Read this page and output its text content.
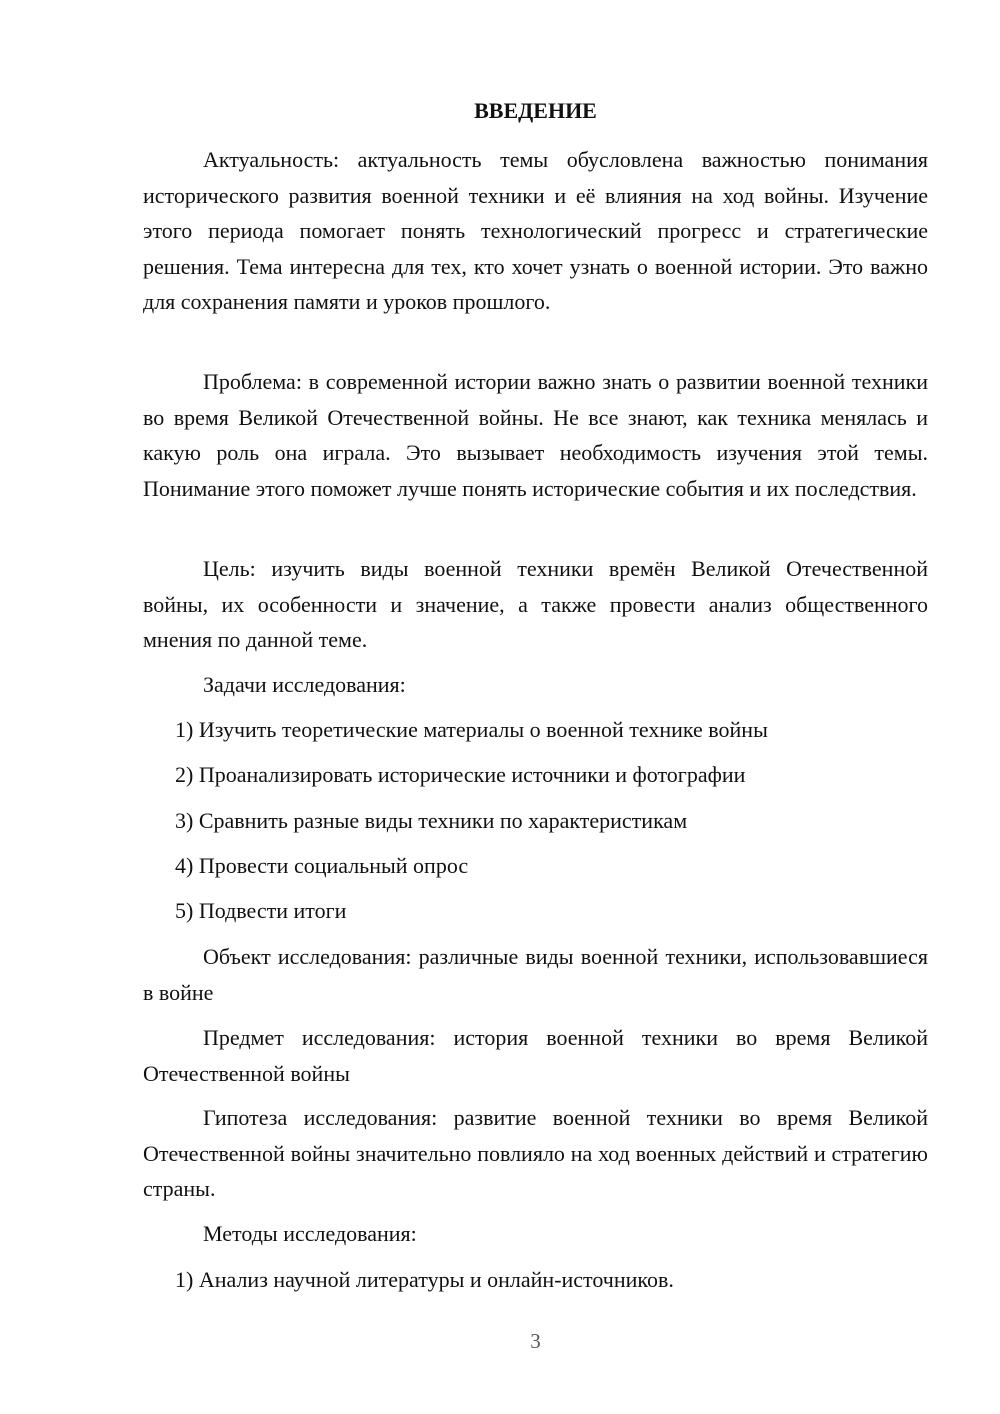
ВВЕДЕНИЕ

Актуальность: актуальность темы обусловлена важностью понимания исторического развития военной техники и её влияния на ход войны. Изучение этого периода помогает понять технологический прогресс и стратегические решения. Тема интересна для тех, кто хочет узнать о военной истории. Это важно для сохранения памяти и уроков прошлого.

Проблема: в современной истории важно знать о развитии военной техники во время Великой Отечественной войны. Не все знают, как техника менялась и какую роль она играла. Это вызывает необходимость изучения этой темы. Понимание этого поможет лучше понять исторические события и их последствия.

Цель: изучить виды военной техники времён Великой Отечественной войны, их особенности и значение, а также провести анализ общественного мнения по данной теме.

Задачи исследования:

1) Изучить теоретические материалы о военной технике войны

2) Проанализировать исторические источники и фотографии

3) Сравнить разные виды техники по характеристикам

4) Провести социальный опрос

5) Подвести итоги

Объект исследования: различные виды военной техники, использовавшиеся в войне

Предмет исследования: история военной техники во время Великой Отечественной войны

Гипотеза исследования: развитие военной техники во время Великой Отечественной войны значительно повлияло на ход военных действий и стратегию страны.

Методы исследования:

1) Анализ научной литературы и онлайн-источников.

3
